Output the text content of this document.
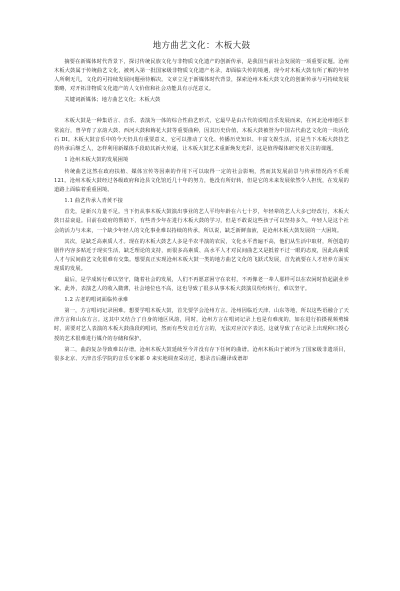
地方曲艺文化：木板大鼓

摘要在新媒体时代背景下，探讨传统民族文化与非物质文化遗产的创新传承，是我国当前社会发展的一项重要议题。沧州木板大鼓属于传统曲艺文化，被列入第一批国家级非物质文化遗产名录，却面临失传的境遇，现今对木板大鼓有所了解的年轻人所剩无几，文化的可持续发展问题亟待解决。文章立足于新媒体时代背景，探索沧州木板大鼓文化的创新传承与可持续发展策略，对开拓非物质文化遗产的人文价值和社会功能具有示范意义。

关键词新媒体；地方曲艺文化；木板大鼓

木板大鼓是一种集语言、音乐、表演为一体的综合性曲艺形式，它最早是由古代的说唱音乐发展而来，在河北沧州地区非常流行，曾孕育了京韵大鼓、西河大鼓和梅花大鼓等重要曲种，因其历史价值，木板大鼓被誉为中国古代曲艺文化的一块活化石 DI。木板大鼓音乐中的今天仍具有重要意义，它可以推动了文化、传播历史知识、丰富文娱生活，讨是当下木板大鼓技艺的传承后继乏人，怎样利用新媒体手段助其新火传递，让木板大鼓艺术重新焕发光彩，这是值得媒体研究者关注的课题。

1 沧州木板大鼓的发展困境

传统曲艺这然在政府扶植、媒体宣传等因素的作用下可以取得一定的社会影响，然而其发展前景与传承情况尚不乐观 121。沧州木板大鼓经过各级政府和沧县文化馆近几十年的努力，他没有所好转，但是它的未来发展依然令人担忧，在发展的道路上面临着重重困境。

1.1 曲艺传承人青黄不接

首先，是新兴力量不足。当下仍从事木板大鼓演出事业的艺人平均年龄在六七十岁，年轻辈的艺人大多已经改行，木板大鼓日益衰退。目前在政府的帮助下，有些青少年在进行木板大鼓的学习，但是不敢说这些孩子可以坚持多久，年轻人是这个社会的活力与未来，一个缺少年轻人的文化事业难以持续的传承，所以说，缺乏新鲜血液，是沧州木板大鼓发展的一大困境。

其次，是缺乏高素质人才。现在的木板大鼓艺人多是半农半演的农民，文化水平普遍不高，他们从生活中取材，所创造的剧作内容多贴近于现实生活，缺乏理论的支持，而很多高素质、高水平人才对民间曲艺又是抵着不过一眼的态度，因此高素质人才与民间曲艺文化很难有交集。想要真正实现沧州木板大鼓一类的地方曲艺文化的飞跃式发展，首先就要在人才培养方面实现质的发展。

最后，是学成转行难以坚守，随着社会的发展，人们不再愿意困守在农村，不再像老一辈人那样可以在农闲时拾起副业养家。此外，表演艺人的收入微薄，社会地位也不高，这也导致了很多从事木板大鼓演员纷纷转行，难以坚守。

1.2 古老的唱词面临传承难

第一，方言唱词记录困难。想要学唱木板大鼓，首先要学会沧州方言。沧州因临近天津、山东等地，所以这些语融合了天津方言和山东方言。这其中又结合了自身的地区风韵，同时，沧州方言在唱词记录上也是有难度的，如在进行拍摄视频剪辑时，需要对艺人表演的木板大鼓曲段的唱词，然而有些发音近方言的，无法对应汉字表达，这就导致了在记录上出现种口授心授的艺术很难进行媒介的存储和保护。

第二，曲韵复杂导致难以存谱。沧州木板大鼓延续至今并没有存下任何的曲谱。沧州木板由于被评为了国家级非遗项目，很多北京、天津音乐学院的音乐专家都 0 来实地调查采访过，想录音后翻译成谱却
